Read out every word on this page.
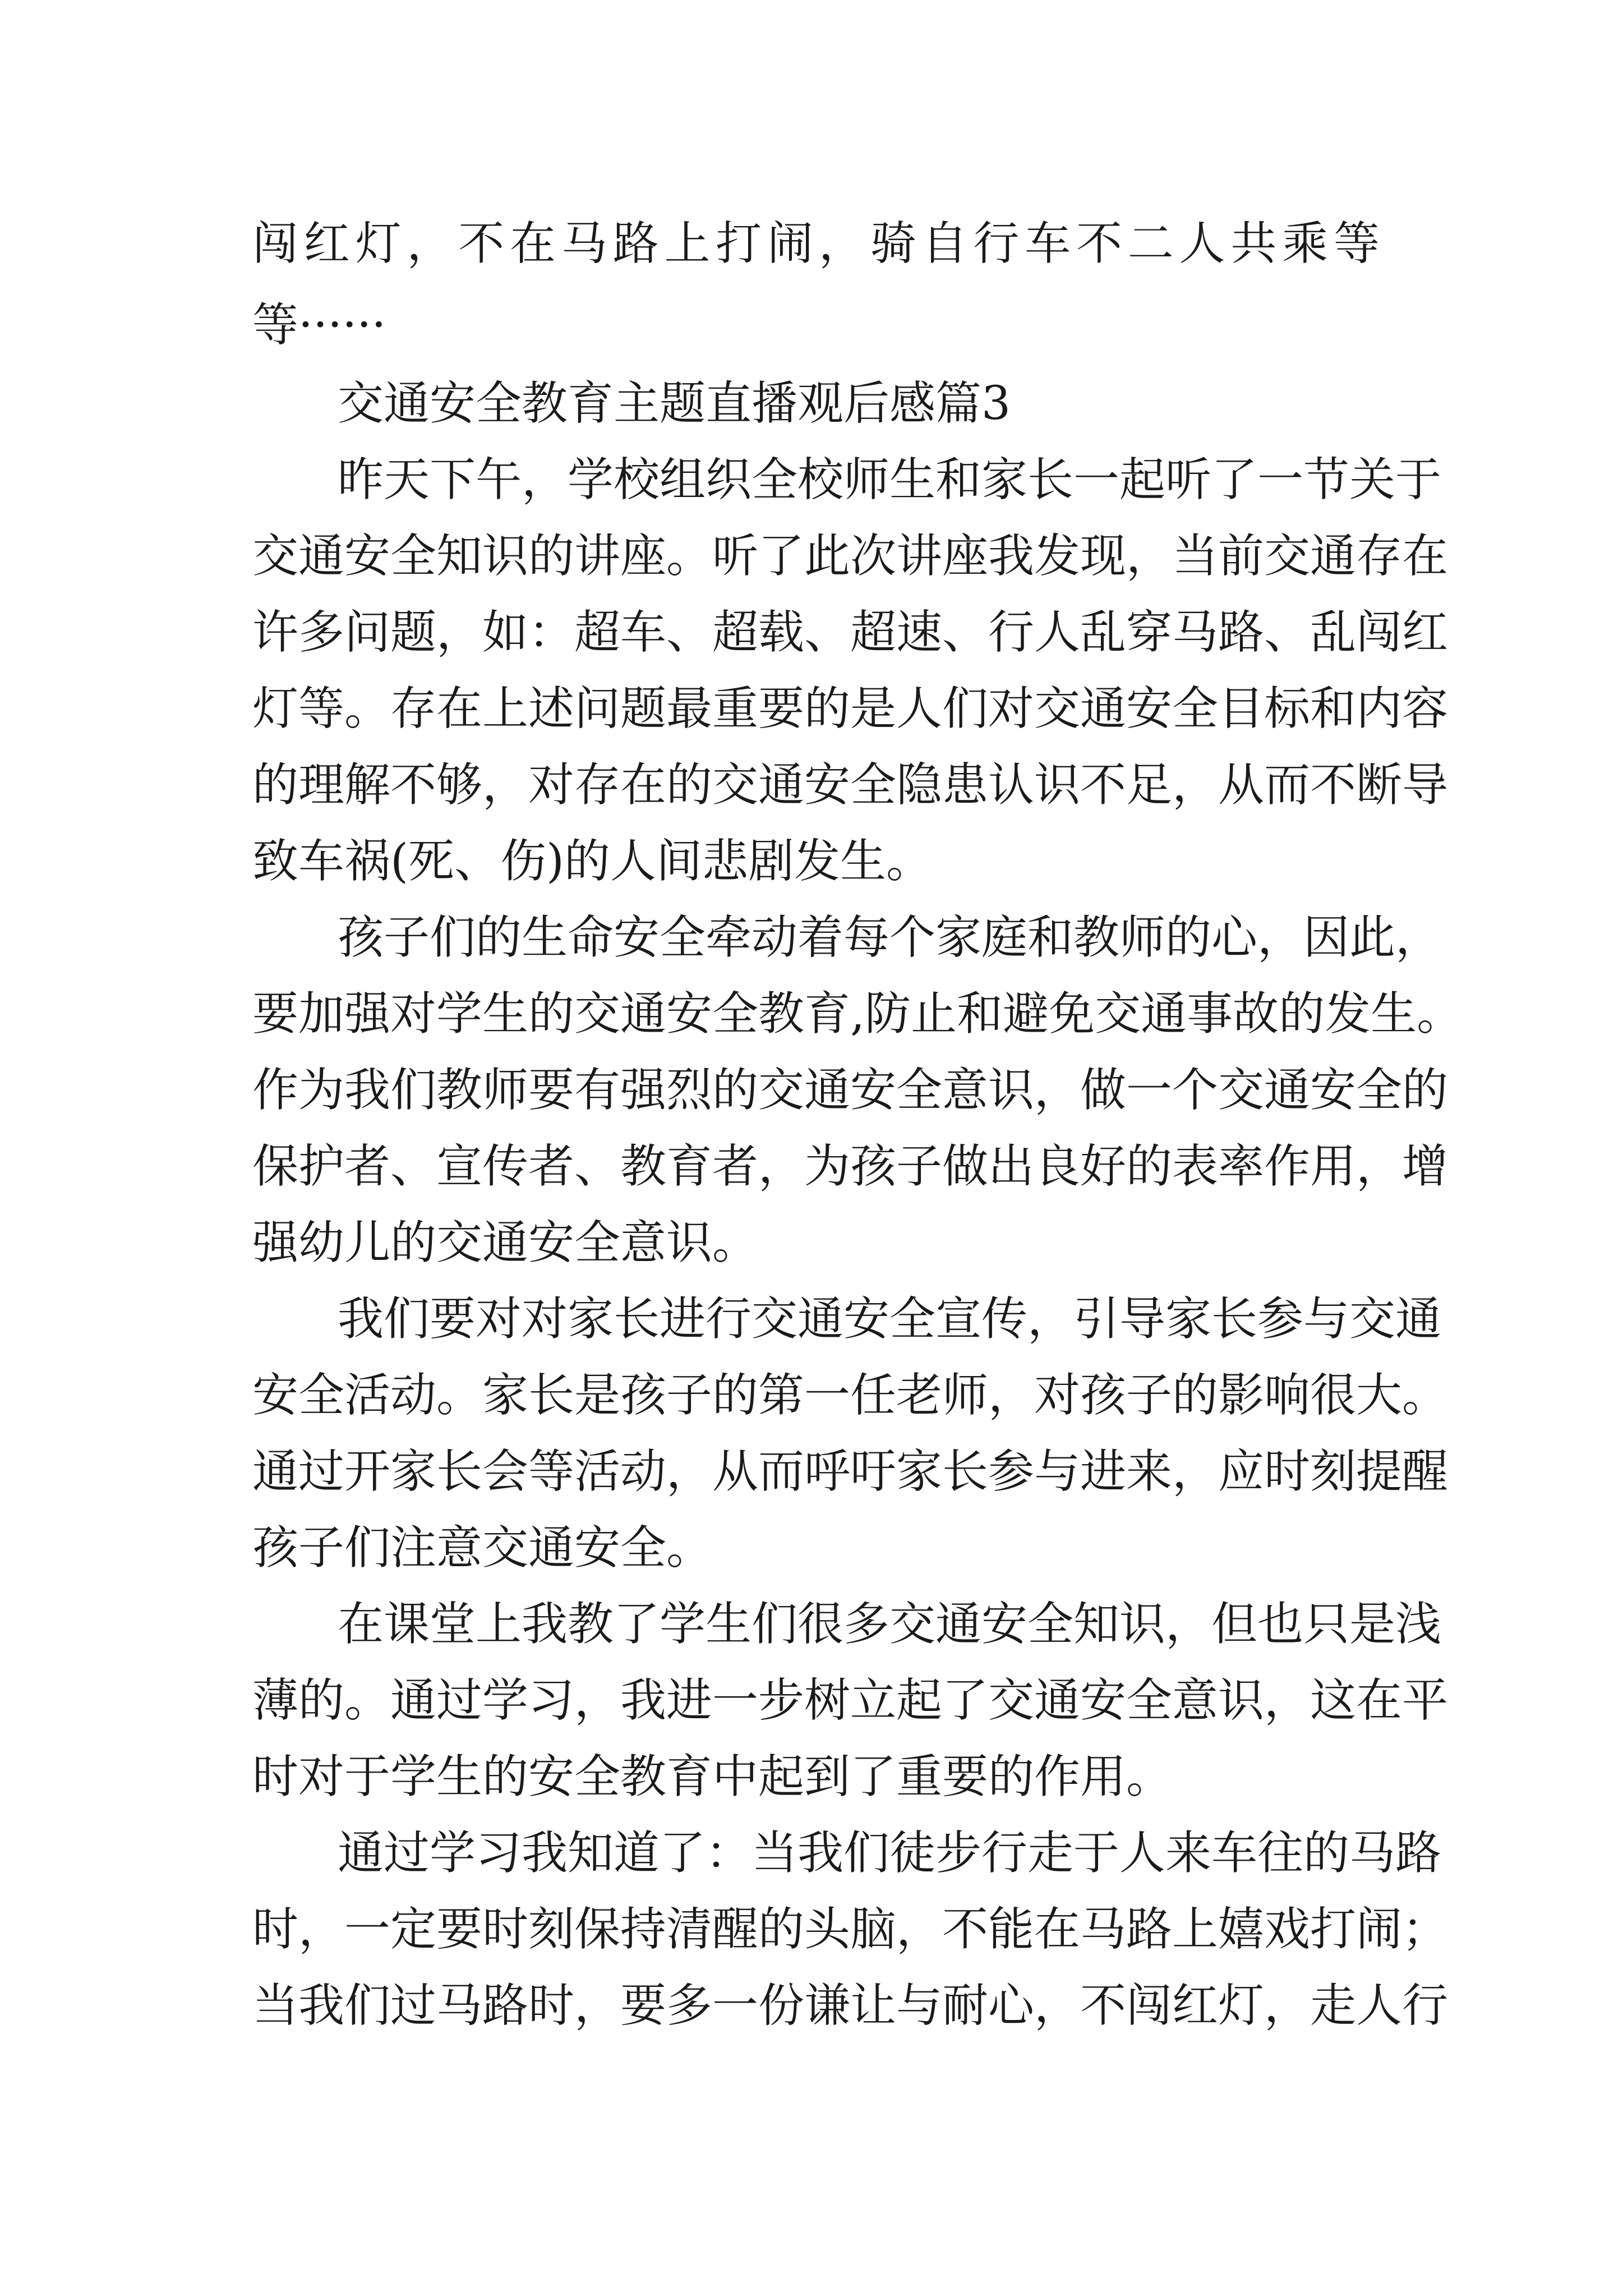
闯红灯，不在马路上打闹，骑自行车不二人共乘等
等······
交通安全教育主题直播观后感篇3
昨天下午，学校组织全校师生和家长一起听了一节关于
交通安全知识的讲座。听了此次讲座我发现，当前交通存在
许多问题，如：超车、超载、超速、行人乱穿马路、乱闯红
灯等。存在上述问题最重要的是人们对交通安全目标和内容
的理解不够，对存在的交通安全隐患认识不足，从而不断导
致车祸(死、伤)的人间悲剧发生。
孩子们的生命安全牵动着每个家庭和教师的心，因此，
要加强对学生的交通安全教育,防止和避免交通事故的发生。
作为我们教师要有强烈的交通安全意识，做一个交通安全的
保护者、宣传者、教育者，为孩子做出良好的表率作用，增
强幼儿的交通安全意识。
我们要对对家长进行交通安全宣传，引导家长参与交通
安全活动。家长是孩子的第一任老师，对孩子的影响很大。
通过开家长会等活动，从而呼吁家长参与进来，应时刻提醒
孩子们注意交通安全。
在课堂上我教了学生们很多交通安全知识，但也只是浅
薄的。通过学习，我进一步树立起了交通安全意识，这在平
时对于学生的安全教育中起到了重要的作用。
通过学习我知道了：当我们徒步行走于人来车往的马路
时，一定要时刻保持清醒的头脑，不能在马路上嬉戏打闹；
当我们过马路时，要多一份谦让与耐心，不闯红灯，走人行
